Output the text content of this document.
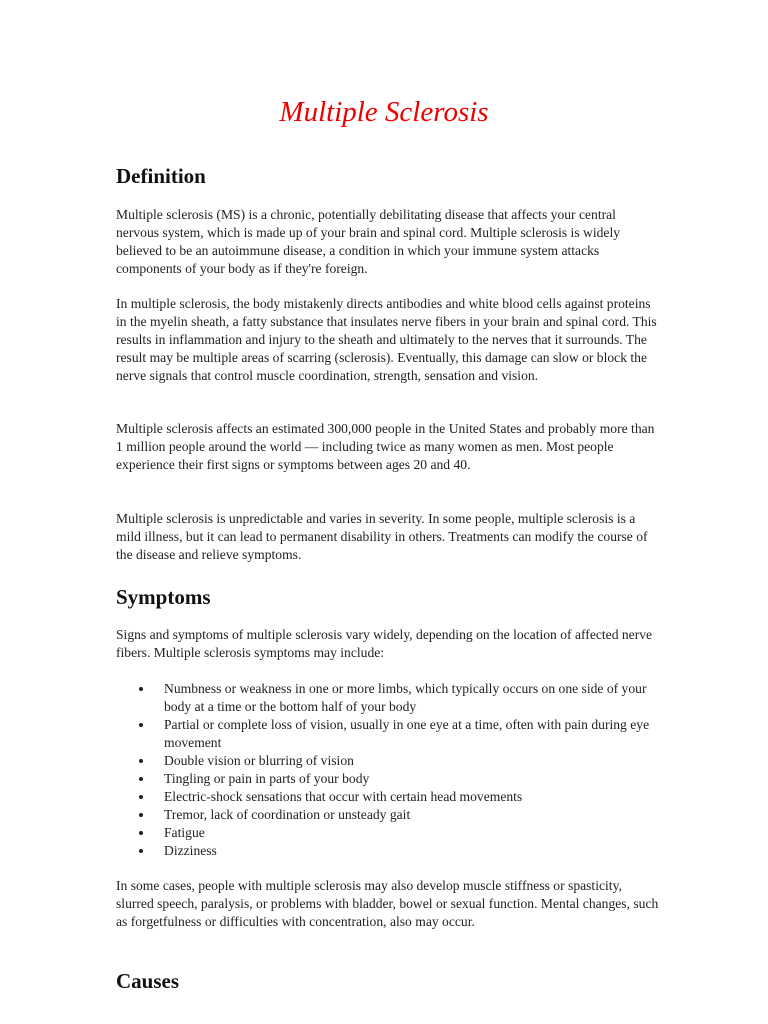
Multiple Sclerosis
Definition

Multiple sclerosis (MS) is a chronic, potentially debilitating disease that affects your central nervous system, which is made up of your brain and spinal cord. Multiple sclerosis is widely believed to be an autoimmune disease, a condition in which your immune system attacks components of your body as if they're foreign.

In multiple sclerosis, the body mistakenly directs antibodies and white blood cells against proteins in the myelin sheath, a fatty substance that insulates nerve fibers in your brain and spinal cord. This results in inflammation and injury to the sheath and ultimately to the nerves that it surrounds. The result may be multiple areas of scarring (sclerosis). Eventually, this damage can slow or block the nerve signals that control muscle coordination, strength, sensation and vision.

Multiple sclerosis affects an estimated 300,000 people in the United States and probably more than 1 million people around the world — including twice as many women as men. Most people experience their first signs or symptoms between ages 20 and 40.

Multiple sclerosis is unpredictable and varies in severity. In some people, multiple sclerosis is a mild illness, but it can lead to permanent disability in others. Treatments can modify the course of the disease and relieve symptoms.

Symptoms

Signs and symptoms of multiple sclerosis vary widely, depending on the location of affected nerve fibers. Multiple sclerosis symptoms may include:

Numbness or weakness in one or more limbs, which typically occurs on one side of your body at a time or the bottom half of your body
Partial or complete loss of vision, usually in one eye at a time, often with pain during eye movement
Double vision or blurring of vision
Tingling or pain in parts of your body
Electric-shock sensations that occur with certain head movements
Tremor, lack of coordination or unsteady gait
Fatigue
Dizziness

In some cases, people with multiple sclerosis may also develop muscle stiffness or spasticity, slurred speech, paralysis, or problems with bladder, bowel or sexual function. Mental changes, such as forgetfulness or difficulties with concentration, also may occur.

Causes
